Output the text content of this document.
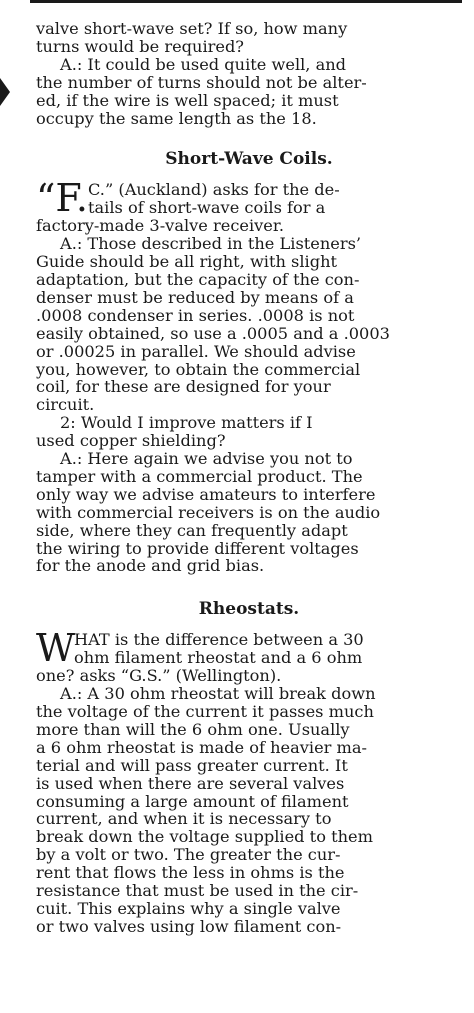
valve short-wave set? If so, how many
turns would be required?
A.: It could be used quite well, and
the number of turns should not be alter-
ed, if the wire is well spaced; it must
occupy the same length as the 18.
Short-Wave Coils.
“F. C.” (Auckland) asks for the de-
tails of short-wave coils for a
factory-made 3-valve receiver.
A.: Those described in the Listeners’
Guide should be all right, with slight
adaptation, but the capacity of the con-
denser must be reduced by means of a
.0008 condenser in series. .0008 is not
easily obtained, so use a .0005 and a .0003
or .00025 in parallel. We should advise
you, however, to obtain the commercial
coil, for these are designed for your
circuit.
2: Would I improve matters if I
used copper shielding?
A.: Here again we advise you not to
tamper with a commercial product. The
only way we advise amateurs to interfere
with commercial receivers is on the audio
side, where they can frequently adapt
the wiring to provide different voltages
for the anode and grid bias.
Rheostats.
W
HAT is the difference between a 30
ohm filament rheostat and a 6 ohm
one? asks “G.S.” (Wellington).
A.: A 30 ohm rheostat will break down
the voltage of the current it passes much
more than will the 6 ohm one. Usually
a 6 ohm rheostat is made of heavier ma-
terial and will pass greater current. It
is used when there are several valves
consuming a large amount of filament
current, and when it is necessary to
break down the voltage supplied to them
by a volt or two. The greater the cur-
rent that flows the less in ohms is the
resistance that must be used in the cir-
cuit. This explains why a single valve
or two valves using low filament con-
